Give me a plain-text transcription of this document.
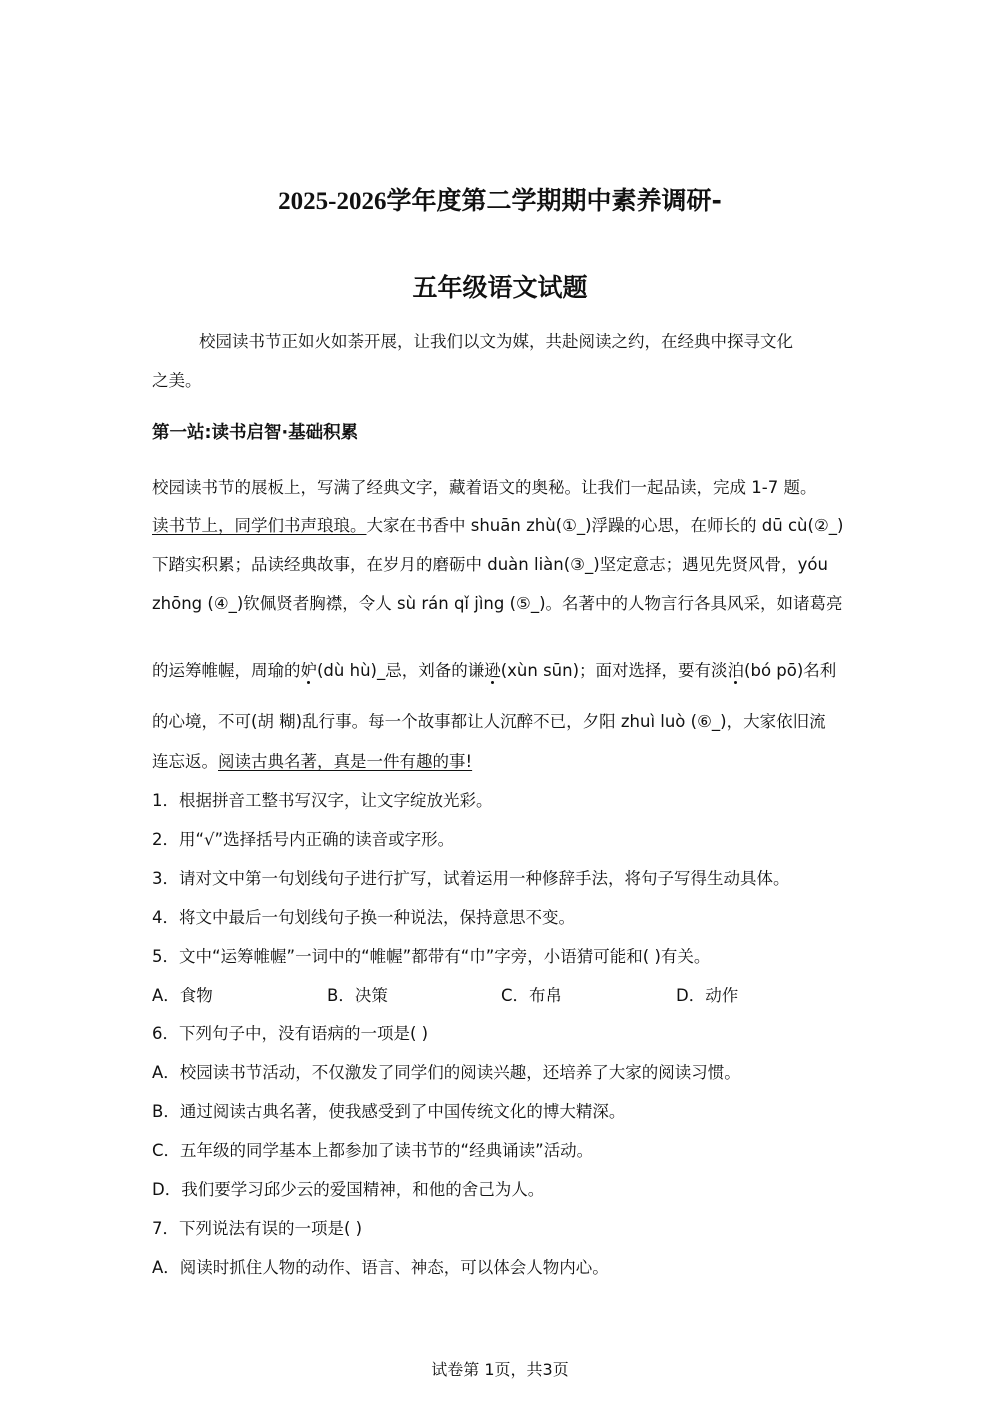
2025-2026学年度第二学期期中素养调研-
五年级语文试题
校园读书节正如火如荼开展，让我们以文为媒，共赴阅读之约，在经典中探寻文化
之美。
第一站:读书启智·基础积累
校园读书节的展板上，写满了经典文字，藏着语文的奥秘。让我们一起品读，完成 1-7 题。
读书节上，同学们书声琅琅。大家在书香中 shuān zhù(①_)浮躁的心思，在师长的 dū cù(②_)
下踏实积累；品读经典故事，在岁月的磨砺中 duàn liàn(③_)坚定意志；遇见先贤风骨，yóu
zhōng (④_)钦佩贤者胸襟，令人 sù rán qǐ jìng (⑤_)。名著中的人物言行各具风采，如诸葛亮
的运筹帷幄，周瑜的妒(dù hù)_忌，刘备的谦逊(xùn sūn)；面对选择，要有淡泊(bó pō)名利
的心境，不可(胡 糊)乱行事。每一个故事都让人沉醉不已，夕阳 zhuì luò (⑥_)，大家依旧流
连忘返。阅读古典名著，真是一件有趣的事!
1．根据拼音工整书写汉字，让文字绽放光彩。
2．用“√”选择括号内正确的读音或字形。
3．请对文中第一句划线句子进行扩写，试着运用一种修辞手法，将句子写得生动具体。
4．将文中最后一句划线句子换一种说法，保持意思不变。
5．文中“运筹帷幄”一词中的“帷幄”都带有“巾”字旁，小语猜可能和( )有关。
A．食物	B．决策	C．布帛	D．动作
6．下列句子中，没有语病的一项是( )
A．校园读书节活动，不仅激发了同学们的阅读兴趣，还培养了大家的阅读习惯。
B．通过阅读古典名著，使我感受到了中国传统文化的博大精深。
C．五年级的同学基本上都参加了读书节的“经典诵读”活动。
D．我们要学习邱少云的爱国精神，和他的舍己为人。
7．下列说法有误的一项是( )
A．阅读时抓住人物的动作、语言、神态，可以体会人物内心。
试卷第 1页，共3页
